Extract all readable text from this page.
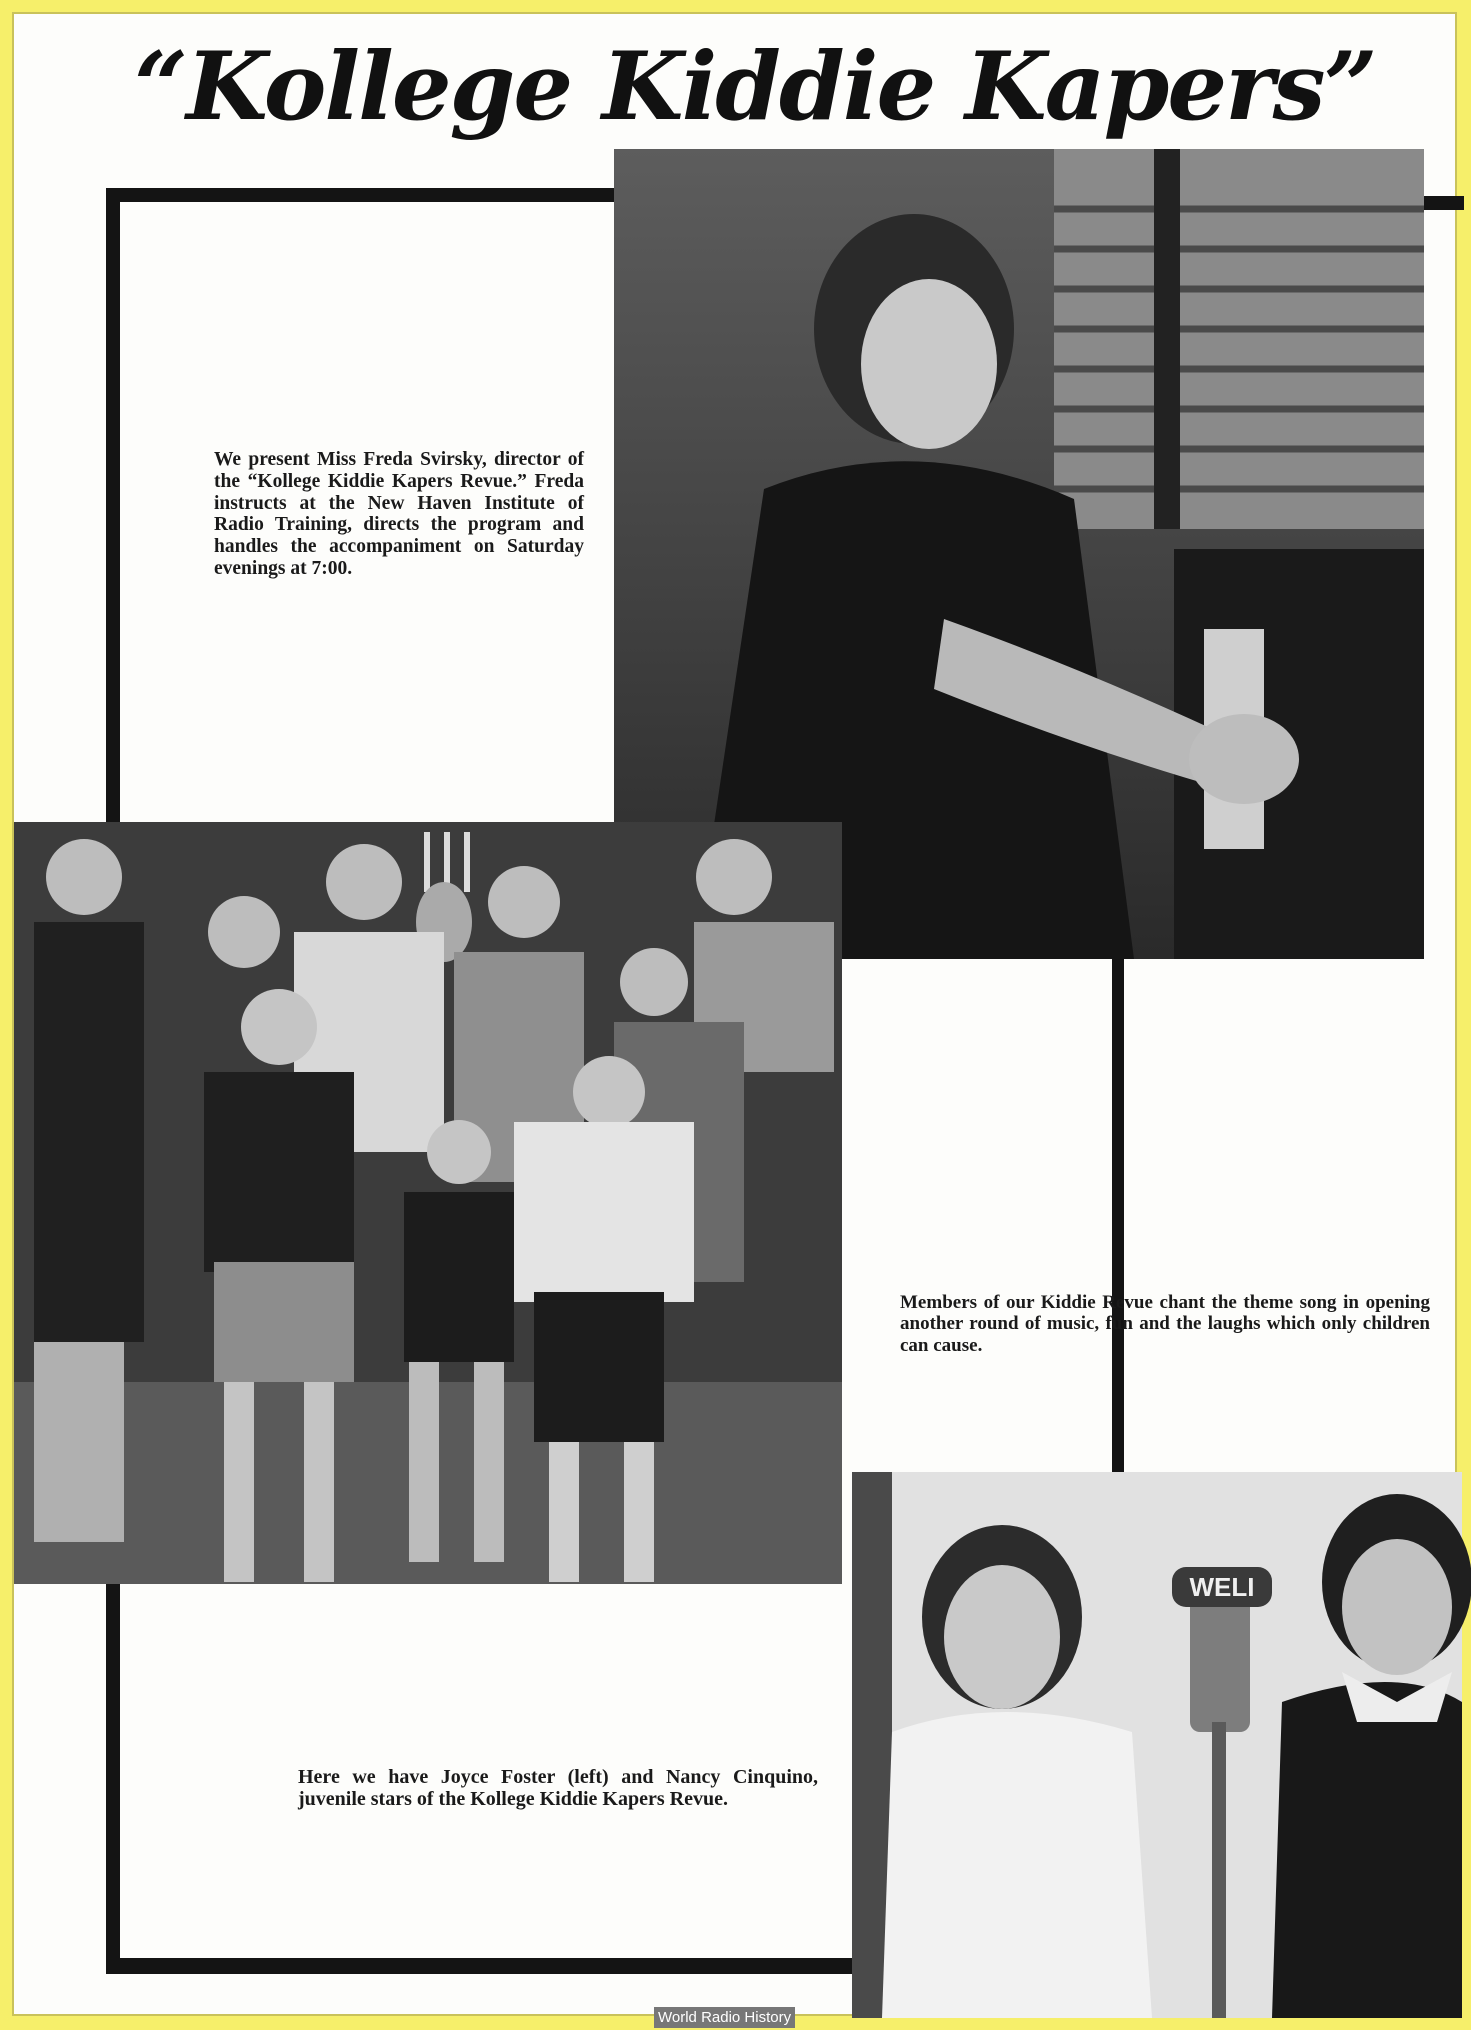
“Kollege Kiddie Kapers”
We present Miss Freda Svirsky, director of the “Kollege Kiddie Kapers Revue.” Freda instructs at the New Haven Institute of Radio Training, directs the program and handles the accompaniment on Saturday evenings at 7:00.
Members of our Kiddie Revue chant the theme song in opening another round of music, fun and the laughs which only children can cause.
Here we have Joyce Foster (left) and Nancy Cinquino, juvenile stars of the Kollege Kiddie Kapers Revue.
WELI
World Radio History
